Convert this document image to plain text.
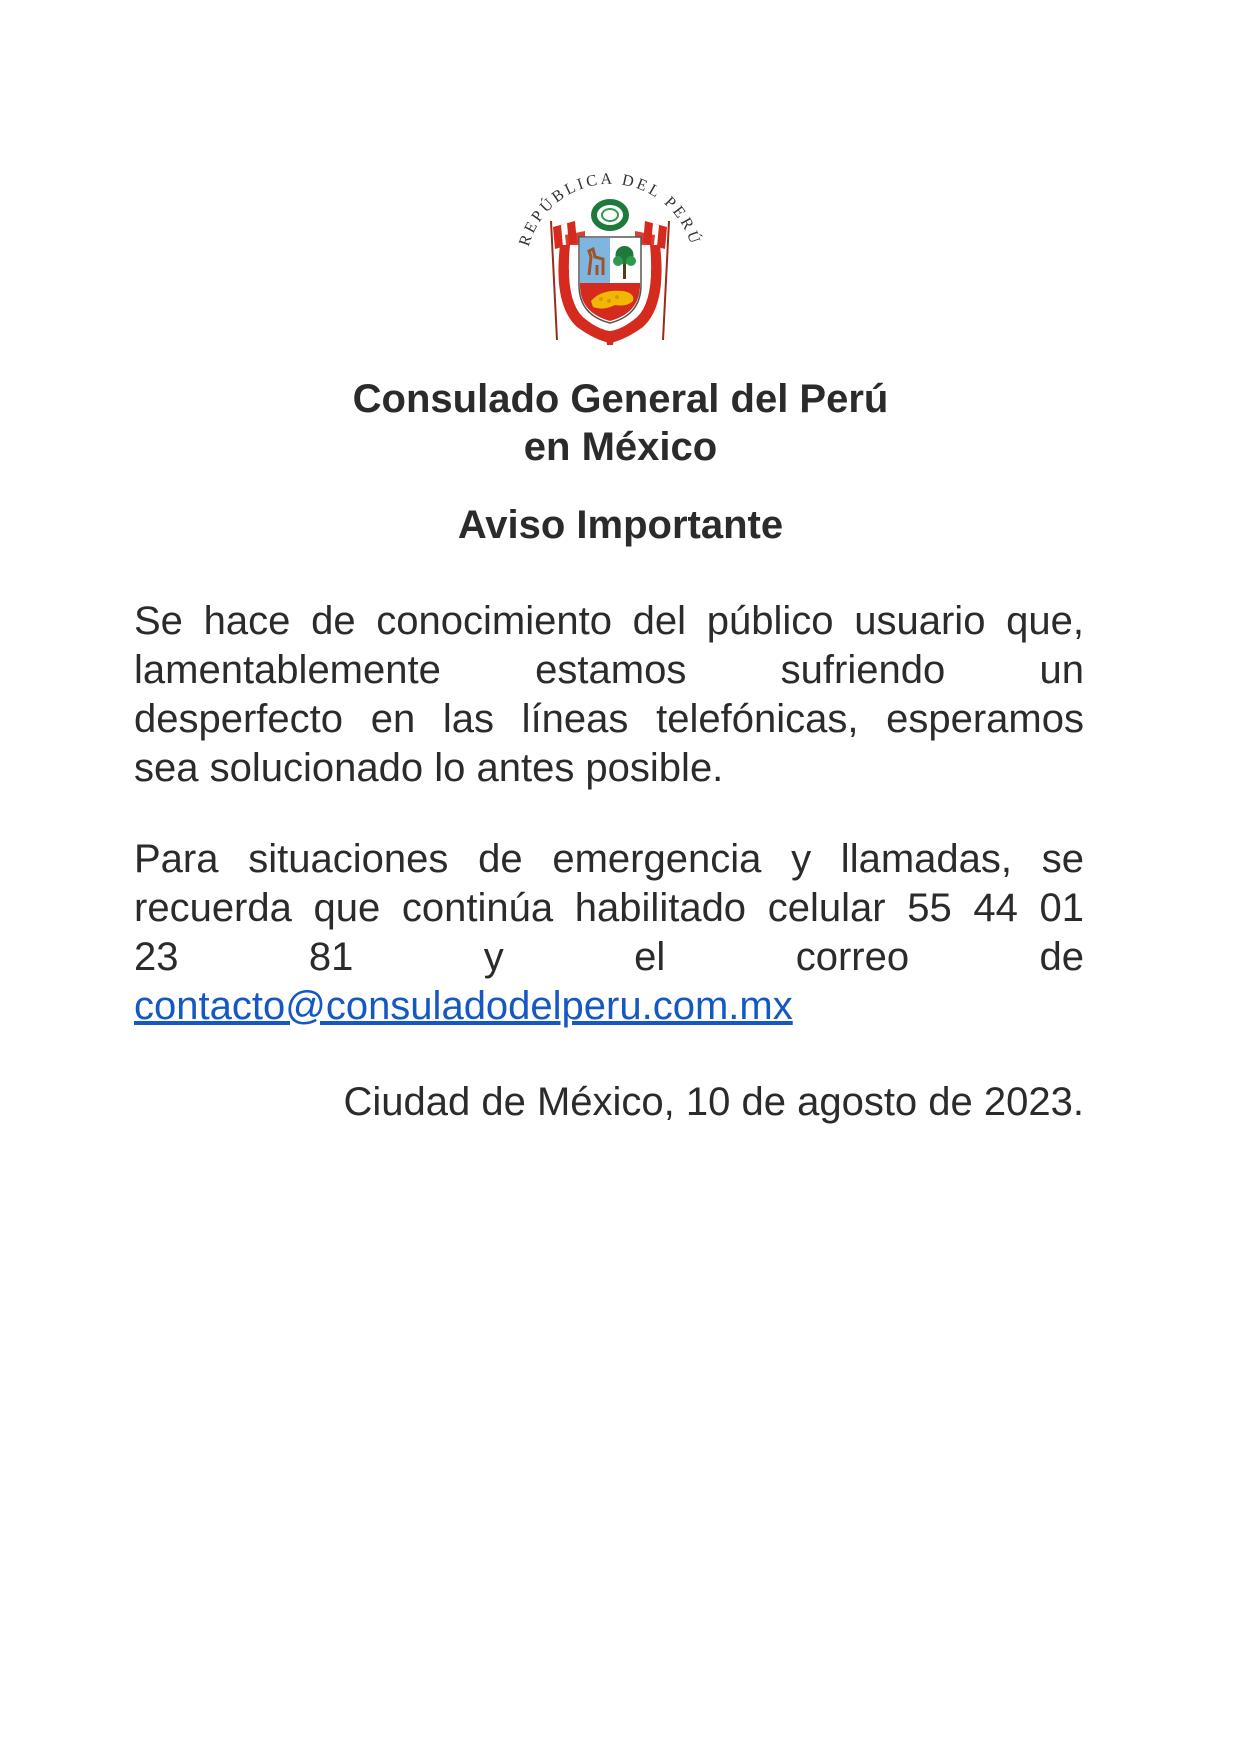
REPÚBLICA DEL PERÚ
Consulado General del Perú
en México
Aviso Importante
Se hace de conocimiento del público usuario que,
lamentablemente estamos sufriendo un
desperfecto en las líneas telefónicas, esperamos
sea solucionado lo antes posible.
Para situaciones de emergencia y llamadas, se
recuerda que continúa habilitado celular 55 44 01
23 81 y el correo de
contacto@consuladodelperu.com.mx

Ciudad de México, 10 de agosto de 2023.
